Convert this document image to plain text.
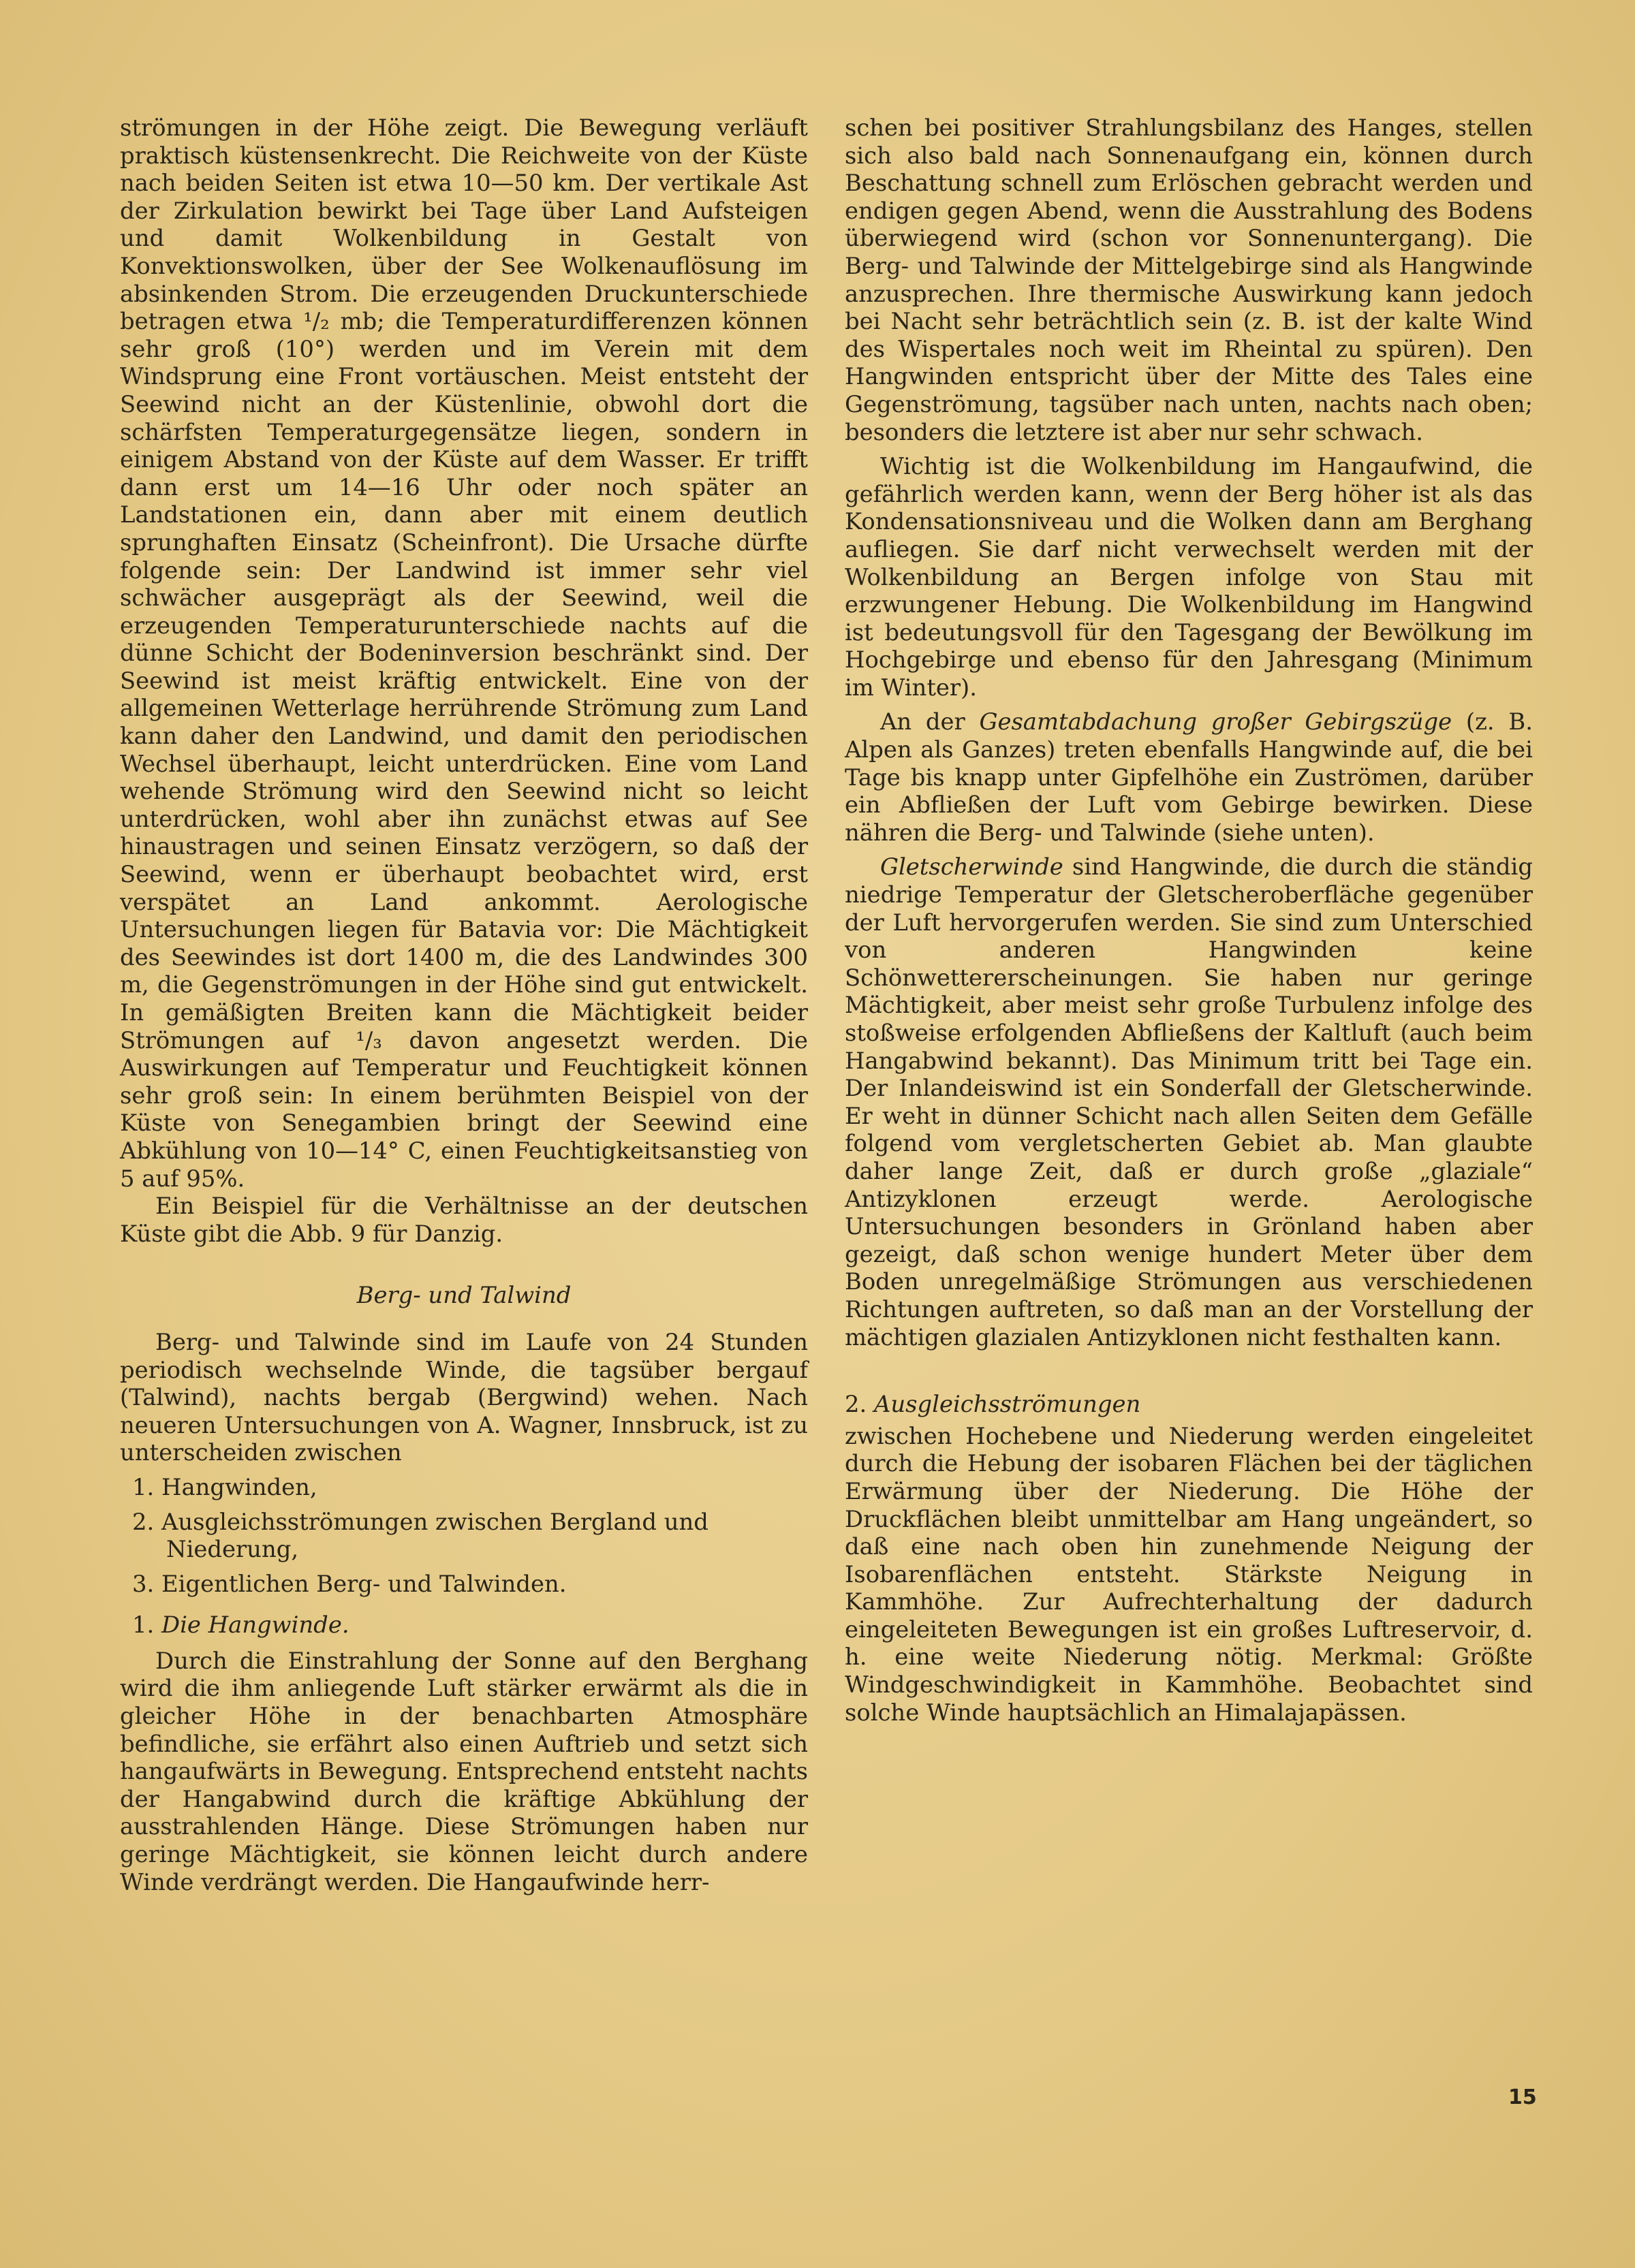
strömungen in der Höhe zeigt. Die Bewegung verläuft praktisch küstensenkrecht. Die Reichweite von der Küste nach beiden Seiten ist etwa 10—50 km. Der vertikale Ast der Zirkulation bewirkt bei Tage über Land Aufsteigen und damit Wolkenbildung in Gestalt von Konvektionswolken, über der See Wolkenauflösung im absinkenden Strom. Die erzeugenden Druckunterschiede betragen etwa ¹/₂ mb; die Temperaturdifferenzen können sehr groß (10°) werden und im Verein mit dem Windsprung eine Front vortäuschen. Meist entsteht der Seewind nicht an der Küstenlinie, obwohl dort die schärfsten Temperaturgegensätze liegen, sondern in einigem Abstand von der Küste auf dem Wasser. Er trifft dann erst um 14—16 Uhr oder noch später an Landstationen ein, dann aber mit einem deutlich sprunghaften Einsatz (Scheinfront). Die Ursache dürfte folgende sein: Der Landwind ist immer sehr viel schwächer ausgeprägt als der Seewind, weil die erzeugenden Temperaturunterschiede nachts auf die dünne Schicht der Bodeninversion beschränkt sind. Der Seewind ist meist kräftig entwickelt. Eine von der allgemeinen Wetterlage herrührende Strömung zum Land kann daher den Landwind, und damit den periodischen Wechsel überhaupt, leicht unterdrücken. Eine vom Land wehende Strömung wird den Seewind nicht so leicht unterdrücken, wohl aber ihn zunächst etwas auf See hinaustragen und seinen Einsatz verzögern, so daß der Seewind, wenn er überhaupt beobachtet wird, erst verspätet an Land ankommt. Aerologische Untersuchungen liegen für Batavia vor: Die Mächtigkeit des Seewindes ist dort 1400 m, die des Landwindes 300 m, die Gegenströmungen in der Höhe sind gut entwickelt. In gemäßigten Breiten kann die Mächtigkeit beider Strömungen auf ¹/₃ davon angesetzt werden. Die Auswirkungen auf Temperatur und Feuchtigkeit können sehr groß sein: In einem berühmten Beispiel von der Küste von Senegambien bringt der Seewind eine Abkühlung von 10—14° C, einen Feuchtigkeitsanstieg von 5 auf 95%.

Ein Beispiel für die Verhältnisse an der deutschen Küste gibt die Abb. 9 für Danzig.

Berg- und Talwind

Berg- und Talwinde sind im Laufe von 24 Stunden periodisch wechselnde Winde, die tagsüber bergauf (Talwind), nachts bergab (Bergwind) wehen. Nach neueren Untersuchungen von A. Wagner, Innsbruck, ist zu unterscheiden zwischen

1. Hangwinden,
2. Ausgleichsströmungen zwischen Bergland und Niederung,
3. Eigentlichen Berg- und Talwinden.
1. Die Hangwinde.

Durch die Einstrahlung der Sonne auf den Berghang wird die ihm anliegende Luft stärker erwärmt als die in gleicher Höhe in der benachbarten Atmosphäre befindliche, sie erfährt also einen Auftrieb und setzt sich hangaufwärts in Bewegung. Entsprechend entsteht nachts der Hangabwind durch die kräftige Abkühlung der ausstrahlenden Hänge. Diese Strömungen haben nur geringe Mächtigkeit, sie können leicht durch andere Winde verdrängt werden. Die Hangaufwinde herr-

schen bei positiver Strahlungsbilanz des Hanges, stellen sich also bald nach Sonnenaufgang ein, können durch Beschattung schnell zum Erlöschen gebracht werden und endigen gegen Abend, wenn die Ausstrahlung des Bodens überwiegend wird (schon vor Sonnenuntergang). Die Berg- und Talwinde der Mittelgebirge sind als Hangwinde anzusprechen. Ihre thermische Auswirkung kann jedoch bei Nacht sehr beträchtlich sein (z. B. ist der kalte Wind des Wispertales noch weit im Rheintal zu spüren). Den Hangwinden entspricht über der Mitte des Tales eine Gegenströmung, tagsüber nach unten, nachts nach oben; besonders die letztere ist aber nur sehr schwach.

Wichtig ist die Wolkenbildung im Hangaufwind, die gefährlich werden kann, wenn der Berg höher ist als das Kondensationsniveau und die Wolken dann am Berghang aufliegen. Sie darf nicht verwechselt werden mit der Wolkenbildung an Bergen infolge von Stau mit erzwungener Hebung. Die Wolkenbildung im Hangwind ist bedeutungsvoll für den Tagesgang der Bewölkung im Hochgebirge und ebenso für den Jahresgang (Minimum im Winter).

An der Gesamtabdachung großer Gebirgszüge (z. B. Alpen als Ganzes) treten ebenfalls Hangwinde auf, die bei Tage bis knapp unter Gipfelhöhe ein Zuströmen, darüber ein Abfließen der Luft vom Gebirge bewirken. Diese nähren die Berg- und Talwinde (siehe unten).

Gletscherwinde sind Hangwinde, die durch die ständig niedrige Temperatur der Gletscheroberfläche gegenüber der Luft hervorgerufen werden. Sie sind zum Unterschied von anderen Hangwinden keine Schönwettererscheinungen. Sie haben nur geringe Mächtigkeit, aber meist sehr große Turbulenz infolge des stoßweise erfolgenden Abfließens der Kaltluft (auch beim Hangabwind bekannt). Das Minimum tritt bei Tage ein. Der Inlandeiswind ist ein Sonderfall der Gletscherwinde. Er weht in dünner Schicht nach allen Seiten dem Gefälle folgend vom vergletscherten Gebiet ab. Man glaubte daher lange Zeit, daß er durch große „glaziale“ Antizyklonen erzeugt werde. Aerologische Untersuchungen besonders in Grönland haben aber gezeigt, daß schon wenige hundert Meter über dem Boden unregelmäßige Strömungen aus verschiedenen Richtungen auftreten, so daß man an der Vorstellung der mächtigen glazialen Antizyklonen nicht festhalten kann.

2. Ausgleichsströmungen

zwischen Hochebene und Niederung werden eingeleitet durch die Hebung der isobaren Flächen bei der täglichen Erwärmung über der Niederung. Die Höhe der Druckflächen bleibt unmittelbar am Hang ungeändert, so daß eine nach oben hin zunehmende Neigung der Isobarenflächen entsteht. Stärkste Neigung in Kammhöhe. Zur Aufrechterhaltung der dadurch eingeleiteten Bewegungen ist ein großes Luftreservoir, d. h. eine weite Niederung nötig. Merkmal: Größte Windgeschwindigkeit in Kammhöhe. Beobachtet sind solche Winde hauptsächlich an Himalajapässen.

15
